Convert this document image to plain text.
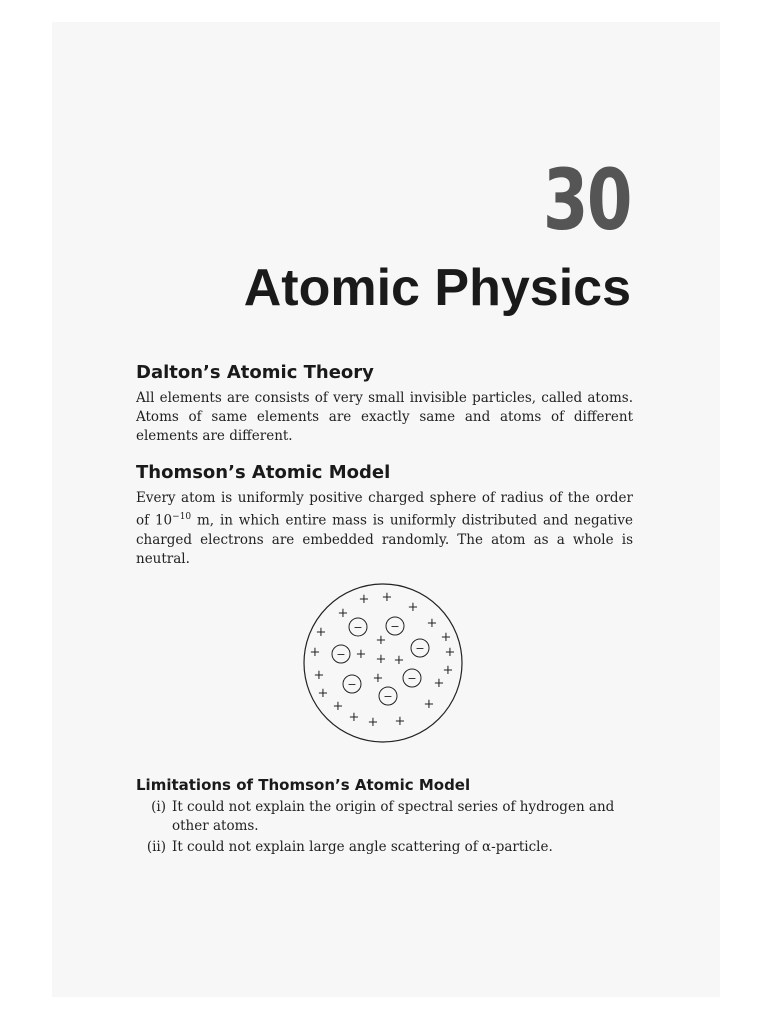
30
Atomic Physics
Dalton’s Atomic Theory

All elements are consists of very small invisible particles, called atoms. Atoms of same elements are exactly same and atoms of different elements are different.

Thomson’s Atomic Model

Every atom is uniformly positive charged sphere of radius of the order of $10^{-10}$ m, in which entire mass is uniformly distributed and negative charged electrons are embedded randomly. The atom as a whole is neutral.

+ +
+
+
+
+	+
+
+ + +
+	+
+	+
+
+
+
+	+
+ + +
−	−
−	−
−	−
−
Limitations of Thomson’s Atomic Model
(i) It could not explain the origin of spectral series of hydrogen and other atoms.
(ii) It could not explain large angle scattering of α-particle.
